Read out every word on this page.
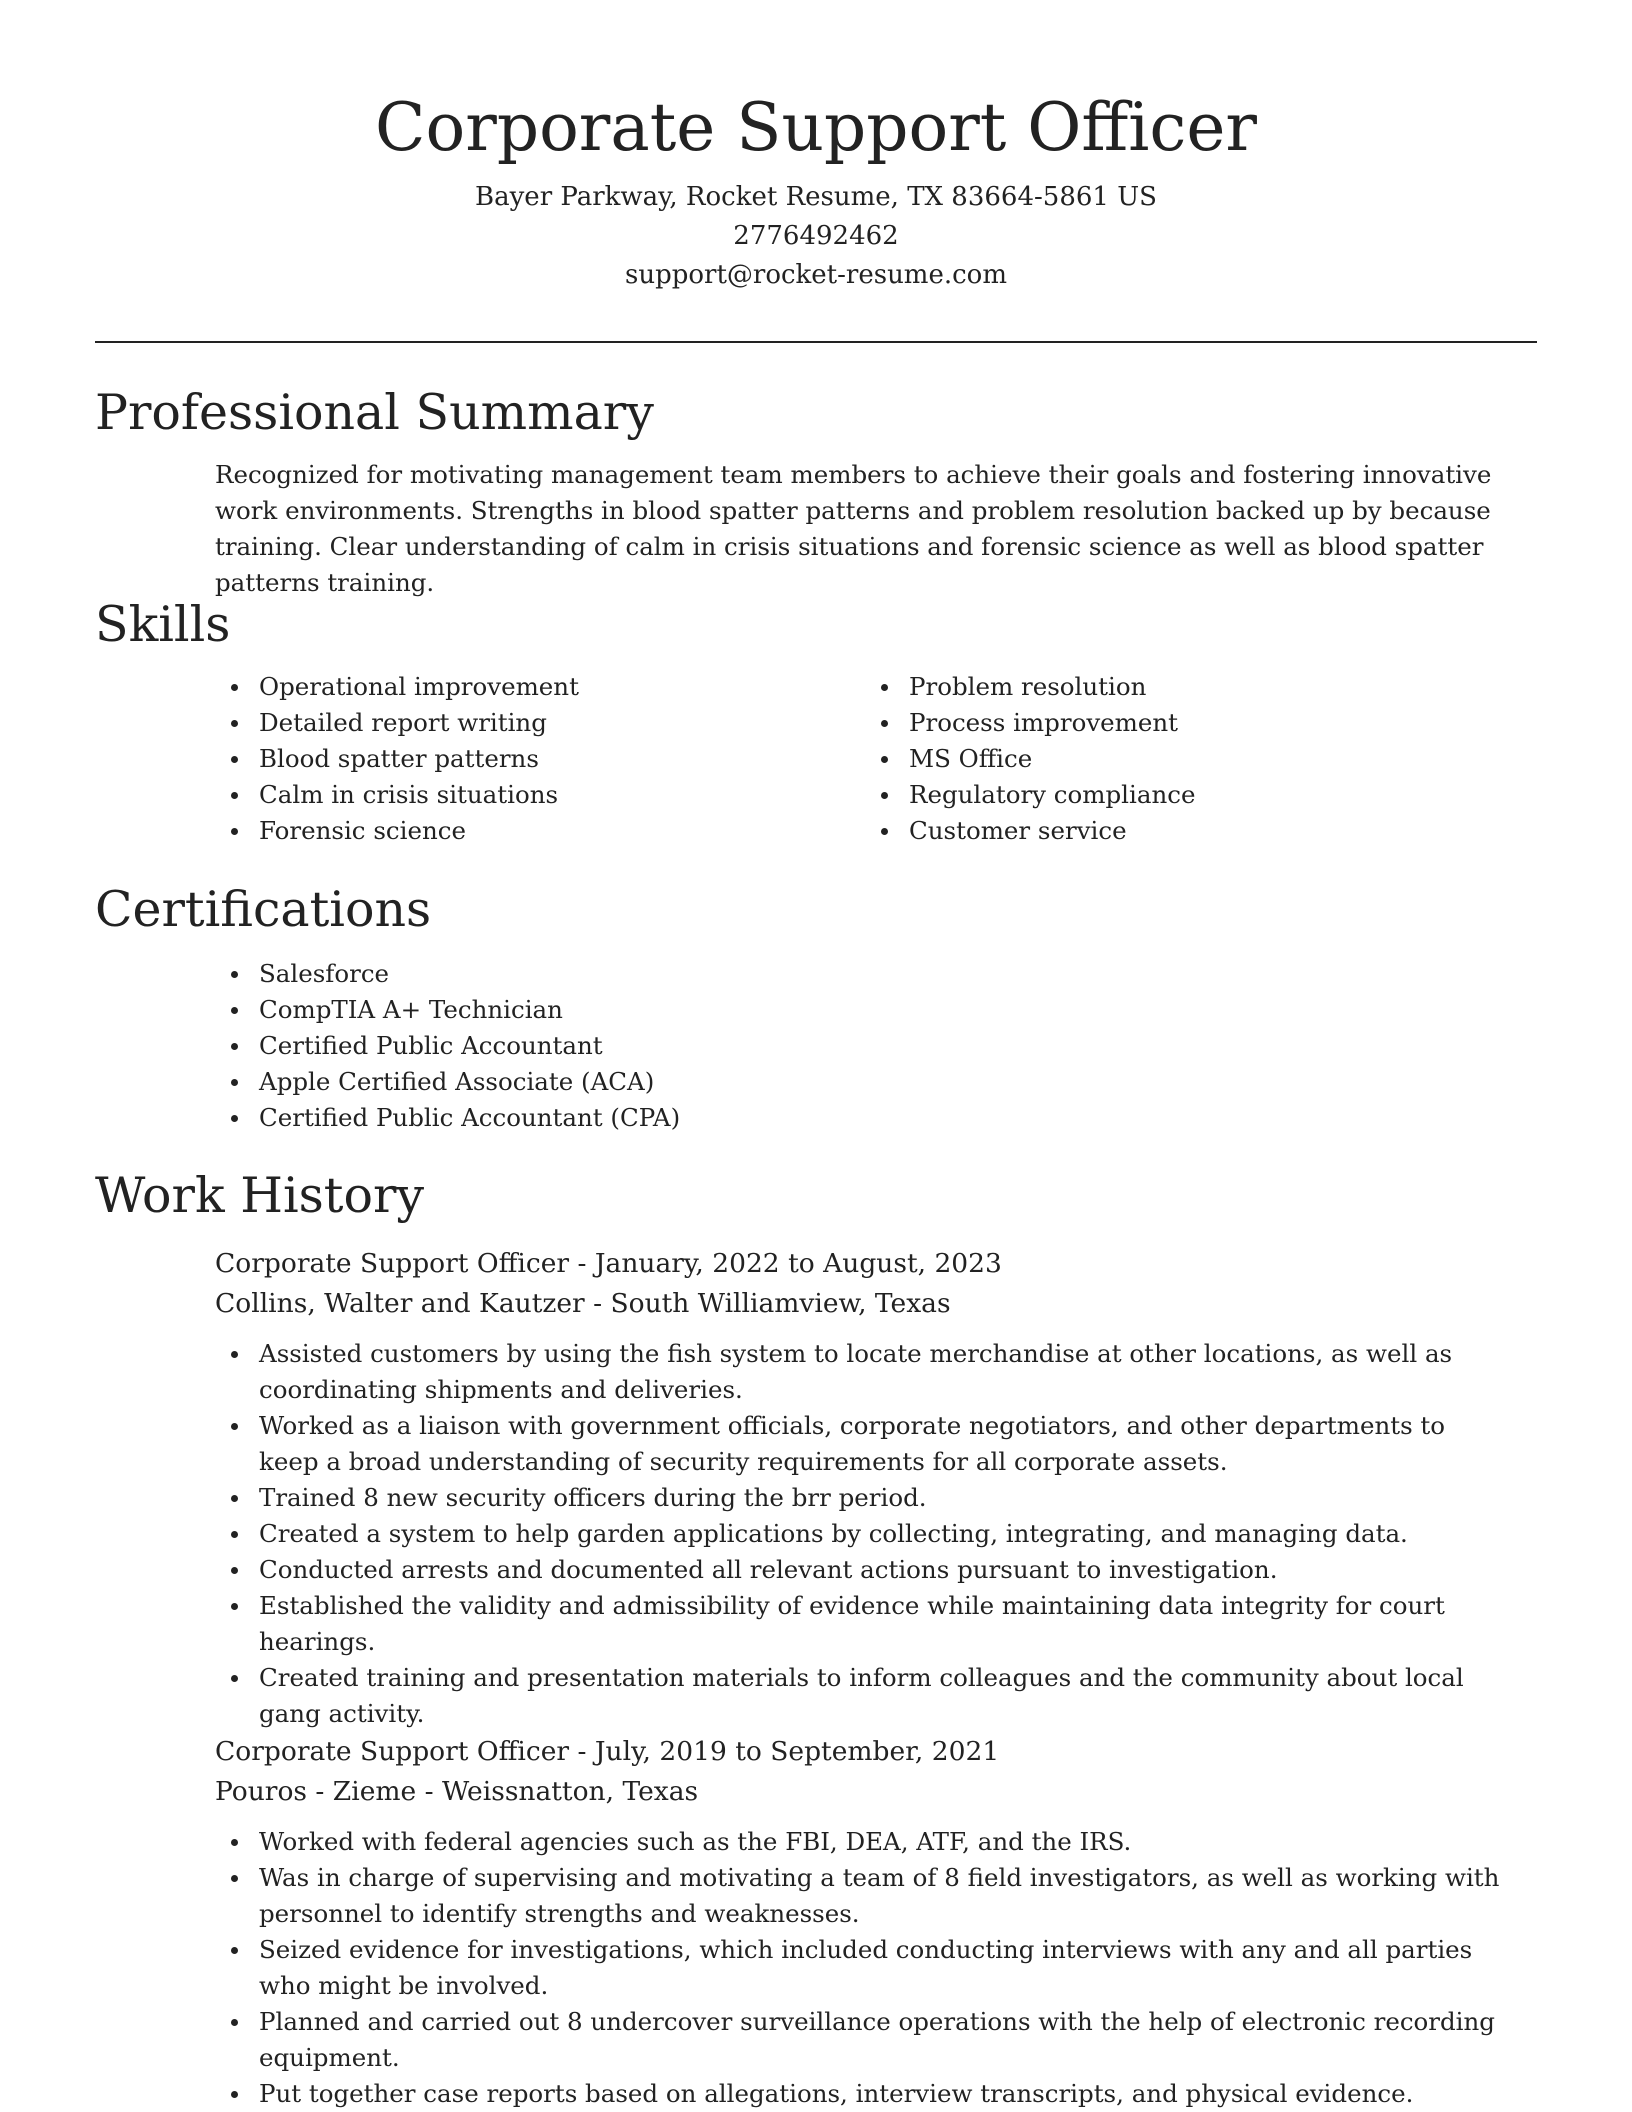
Corporate Support Officer
Bayer Parkway, Rocket Resume, TX 83664-5861 US
2776492462
support@rocket-resume.com
Professional Summary

Recognized for motivating management team members to achieve their goals and fostering innovative work environments. Strengths in blood spatter patterns and problem resolution backed up by because training. Clear understanding of calm in crisis situations and forensic science as well as blood spatter patterns training.

Skills
Operational improvement
Detailed report writing
Blood spatter patterns
Calm in crisis situations
Forensic science
Problem resolution
Process improvement
MS Office
Regulatory compliance
Customer service
Certifications
Salesforce
CompTIA A+ Technician
Certified Public Accountant
Apple Certified Associate (ACA)
Certified Public Accountant (CPA)
Work History
Corporate Support Officer - January, 2022 to August, 2023
Collins, Walter and Kautzer - South Williamview, Texas
Assisted customers by using the fish system to locate merchandise at other locations, as well as coordinating shipments and deliveries.
Worked as a liaison with government officials, corporate negotiators, and other departments to keep a broad understanding of security requirements for all corporate assets.
Trained 8 new security officers during the brr period.
Created a system to help garden applications by collecting, integrating, and managing data.
Conducted arrests and documented all relevant actions pursuant to investigation.
Established the validity and admissibility of evidence while maintaining data integrity for court hearings.
Created training and presentation materials to inform colleagues and the community about local gang activity.
Corporate Support Officer - July, 2019 to September, 2021
Pouros - Zieme - Weissnatton, Texas
Worked with federal agencies such as the FBI, DEA, ATF, and the IRS.
Was in charge of supervising and motivating a team of 8 field investigators, as well as working with personnel to identify strengths and weaknesses.
Seized evidence for investigations, which included conducting interviews with any and all parties who might be involved.
Planned and carried out 8 undercover surveillance operations with the help of electronic recording equipment.
Put together case reports based on allegations, interview transcripts, and physical evidence.
